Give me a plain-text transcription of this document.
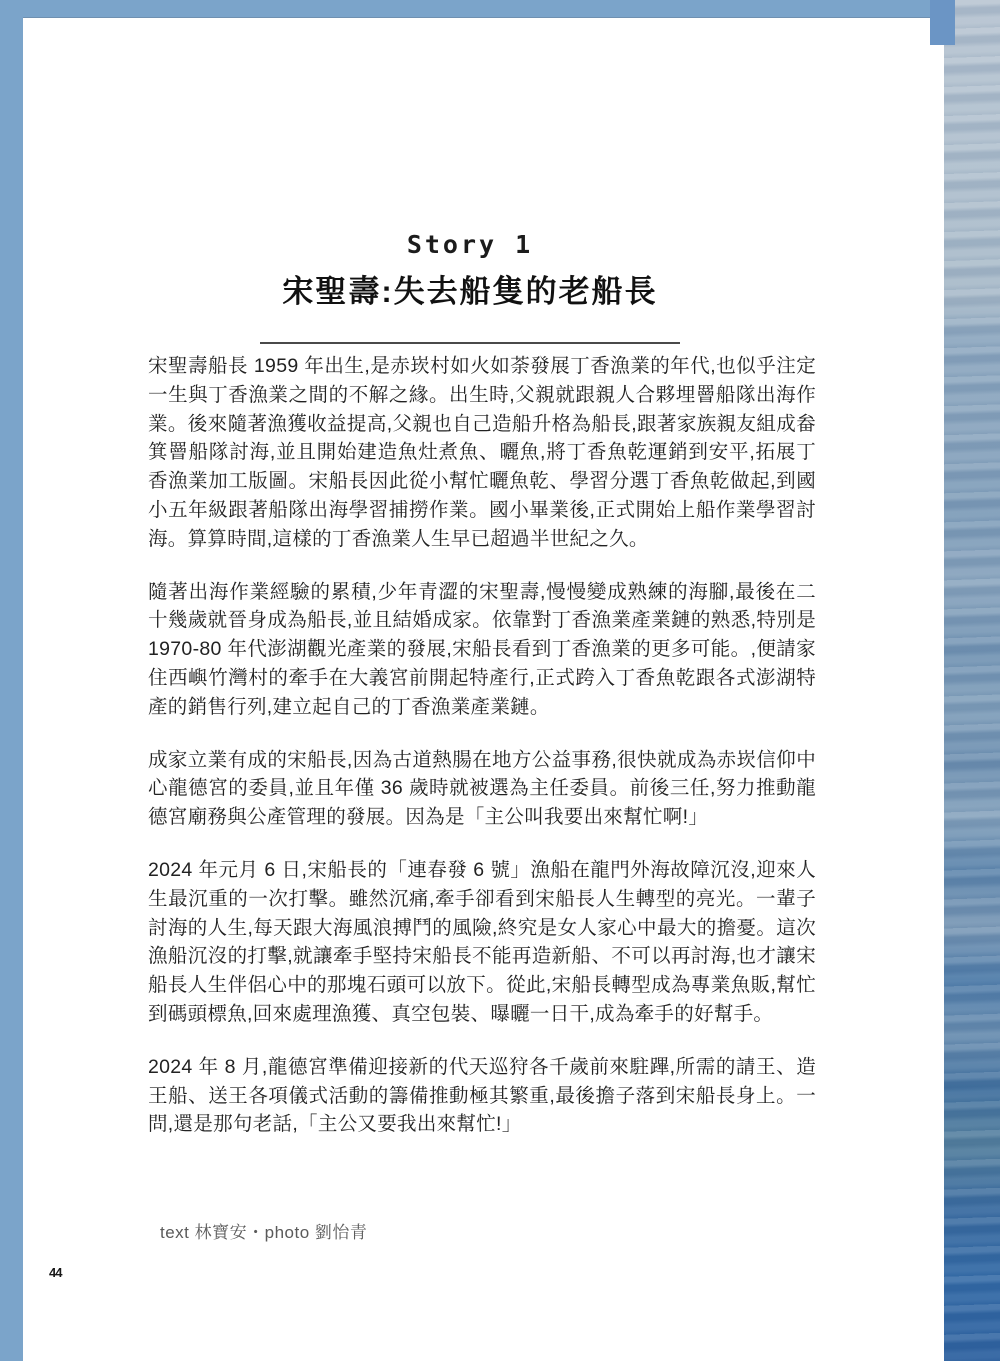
Story 1
宋聖壽:失去船隻的老船長

宋聖壽船長 1959 年出生,是赤崁村如火如荼發展丁香漁業的年代,也似乎注定一生與丁香漁業之間的不解之緣。出生時,父親就跟親人合夥埋罾船隊出海作業。後來隨著漁獲收益提高,父親也自己造船升格為船長,跟著家族親友組成畚箕罾船隊討海,並且開始建造魚灶煮魚、曬魚,將丁香魚乾運銷到安平,拓展丁香漁業加工版圖。宋船長因此從小幫忙曬魚乾、學習分選丁香魚乾做起,到國小五年級跟著船隊出海學習捕撈作業。國小畢業後,正式開始上船作業學習討海。算算時間,這樣的丁香漁業人生早已超過半世紀之久。

隨著出海作業經驗的累積,少年青澀的宋聖壽,慢慢變成熟練的海腳,最後在二十幾歲就晉身成為船長,並且結婚成家。依靠對丁香漁業產業鏈的熟悉,特別是 1970-80 年代澎湖觀光產業的發展,宋船長看到丁香漁業的更多可能。,便請家住西嶼竹灣村的牽手在大義宮前開起特產行,正式跨入丁香魚乾跟各式澎湖特產的銷售行列,建立起自己的丁香漁業產業鏈。

成家立業有成的宋船長,因為古道熱腸在地方公益事務,很快就成為赤崁信仰中心龍德宮的委員,並且年僅 36 歲時就被選為主任委員。前後三任,努力推動龍德宮廟務與公產管理的發展。因為是「主公叫我要出來幫忙啊!」

2024 年元月 6 日,宋船長的「連春發 6 號」漁船在龍門外海故障沉沒,迎來人生最沉重的一次打擊。雖然沉痛,牽手卻看到宋船長人生轉型的亮光。一輩子討海的人生,每天跟大海風浪搏鬥的風險,終究是女人家心中最大的擔憂。這次漁船沉沒的打擊,就讓牽手堅持宋船長不能再造新船、不可以再討海,也才讓宋船長人生伴侶心中的那塊石頭可以放下。從此,宋船長轉型成為專業魚販,幫忙到碼頭標魚,回來處理漁獲、真空包裝、曝曬一日干,成為牽手的好幫手。

2024 年 8 月,龍德宮準備迎接新的代天巡狩各千歲前來駐蹕,所需的請王、造王船、送王各項儀式活動的籌備推動極其繁重,最後擔子落到宋船長身上。一問,還是那句老話,「主公又要我出來幫忙!」

text 林寶安・photo 劉怡青
44
